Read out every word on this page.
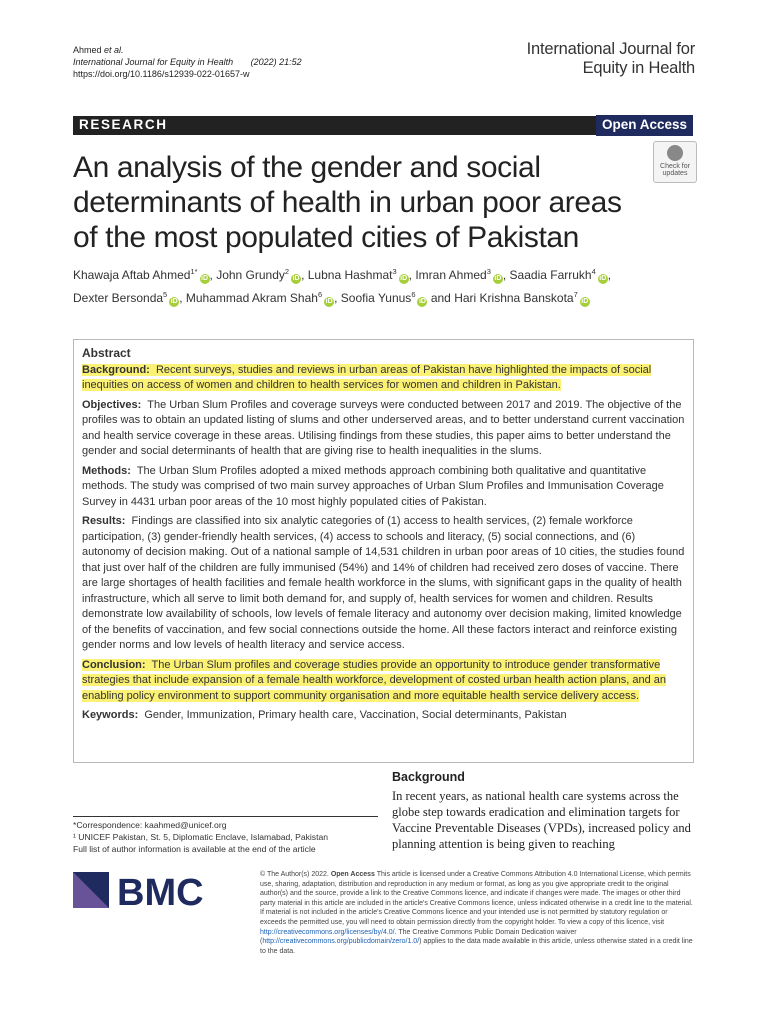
Ahmed et al.
International Journal for Equity in Health (2022) 21:52
https://doi.org/10.1186/s12939-022-01657-w
International Journal for
Equity in Health
RESEARCH	Open Access
An analysis of the gender and social determinants of health in urban poor areas of the most populated cities of Pakistan
Check for
updates
Khawaja Aftab Ahmed$^{1*}$iD , John Grundy$^2$iD , Lubna Hashmat$^3$iD , Imran Ahmed$^3$iD , Saadia Farrukh$^4$iD ,
Dexter Bersonda$^5$iD , Muhammad Akram Shah$^6$iD , Soofia Yunus$^6$iD and Hari Krishna Banskota$^7$iD
Abstract

Background: Recent surveys, studies and reviews in urban areas of Pakistan have highlighted the impacts of social inequities on access of women and children to health services for women and children in Pakistan.

Objectives: The Urban Slum Profiles and coverage surveys were conducted between 2017 and 2019. The objective of the profiles was to obtain an updated listing of slums and other underserved areas, and to better understand current vaccination and health service coverage in these areas. Utilising findings from these studies, this paper aims to better understand the gender and social determinants of health that are giving rise to health inequalities in the slums.

Methods: The Urban Slum Profiles adopted a mixed methods approach combining both qualitative and quantitative methods. The study was comprised of two main survey approaches of Urban Slum Profiles and Immunisation Coverage Survey in 4431 urban poor areas of the 10 most highly populated cities of Pakistan.

Results: Findings are classified into six analytic categories of (1) access to health services, (2) female workforce participation, (3) gender-friendly health services, (4) access to schools and literacy, (5) social connections, and (6) autonomy of decision making. Out of a national sample of 14,531 children in urban poor areas of 10 cities, the studies found that just over half of the children are fully immunised (54%) and 14% of children had received zero doses of vaccine. There are large shortages of health facilities and female health workforce in the slums, with significant gaps in the quality of health infrastructure, which all serve to limit both demand for, and supply of, health services for women and children. Results demonstrate low availability of schools, low levels of female literacy and autonomy over decision making, limited knowledge of the benefits of vaccination, and few social connections outside the home. All these factors interact and reinforce existing gender norms and low levels of health literacy and service access.

Conclusion: The Urban Slum profiles and coverage studies provide an opportunity to introduce gender transformative strategies that include expansion of a female health workforce, development of costed urban health action plans, and an enabling policy environment to support community organisation and more equitable health service delivery access.

Keywords: Gender, Immunization, Primary health care, Vaccination, Social determinants, Pakistan

Background
In recent years, as national health care systems across the globe step towards eradication and elimination targets for Vaccine Preventable Diseases (VPDs), increased policy and planning attention is being given to reaching
*Correspondence: kaahmed@unicef.org
¹ UNICEF Pakistan, St. 5, Diplomatic Enclave, Islamabad, Pakistan
Full list of author information is available at the end of the article
BMC	© The Author(s) 2022. Open Access This article is licensed under a Creative Commons Attribution 4.0 International License, which permits use, sharing, adaptation, distribution and reproduction in any medium or format, as long as you give appropriate credit to the original author(s) and the source, provide a link to the Creative Commons licence, and indicate if changes were made. The images or other third party material in this article are included in the article's Creative Commons licence, unless indicated otherwise in a credit line to the material. If material is not included in the article's Creative Commons licence and your intended use is not permitted by statutory regulation or exceeds the permitted use, you will need to obtain permission directly from the copyright holder. To view a copy of this licence, visit http://creativecommons.org/licenses/by/4.0/. The Creative Commons Public Domain Dedication waiver (http://creativecommons.org/publicdomain/zero/1.0/) applies to the data made available in this article, unless otherwise stated in a credit line to the data.
